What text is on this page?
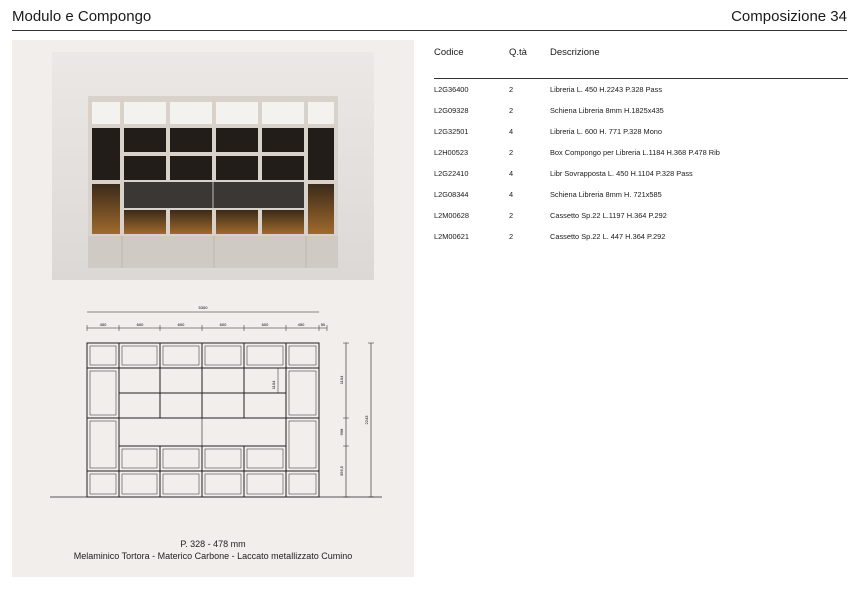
Modulo e Compongo	Composizione 34
5300
450	600	600	600	600	450	50
1104
1104
998
356,5
2243
P. 328 - 478 mm
Melaminico Tortora - Materico Carbone - Laccato metallizzato Cumino
Codice	Q.tà	Descrizione
L2G36400	2	Libreria L. 450 H.2243 P.328 Pass
L2G09328	2	Schiena Libreria 8mm H.1825x435
L2G32501	4	Libreria L. 600 H. 771 P.328 Mono
L2H00523	2	Box Compongo per Libreria L.1184 H.368 P.478 Rib
L2G22410	4	Libr Sovrapposta L. 450 H.1104 P.328 Pass
L2G08344	4	Schiena Libreria 8mm H. 721x585
L2M00628	2	Cassetto Sp.22 L.1197 H.364 P.292
L2M00621	2	Cassetto Sp.22 L. 447 H.364 P.292
